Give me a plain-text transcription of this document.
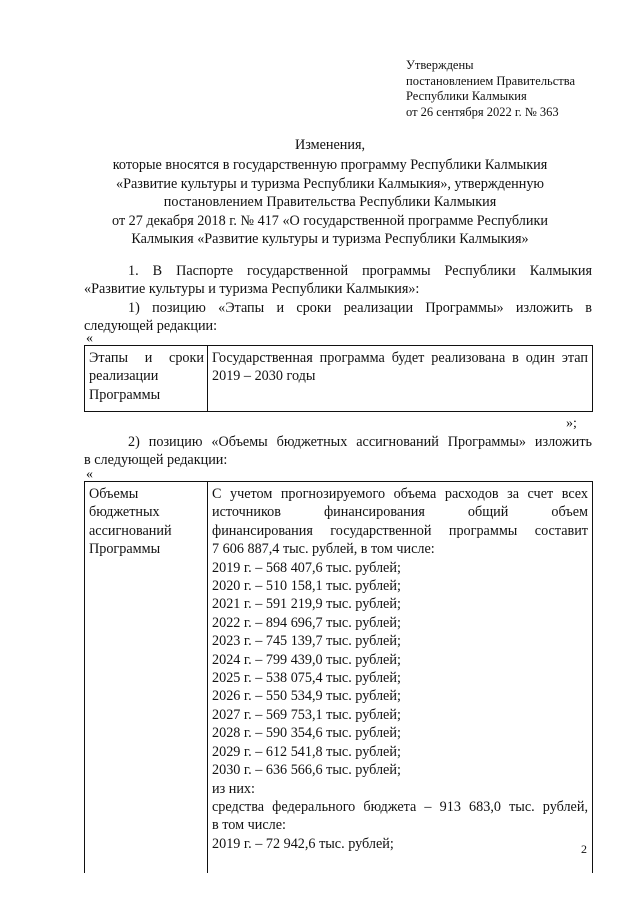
Утверждены
постановлением Правительства
Республики Калмыкия
от 26 сентября 2022 г. № 363
Изменения,
которые вносятся в государственную программу Республики Калмыкия
«Развитие культуры и туризма Республики Калмыкия», утвержденную
постановлением Правительства Республики Калмыкия
от 27 декабря 2018 г. № 417 «О государственной программе Республики
Калмыкия «Развитие культуры и туризма Республики Калмыкия»
1. В Паспорте государственной программы Республики Калмыкия
«Развитие культуры и туризма Республики Калмыкия»:
1) позицию «Этапы и сроки реализации Программы» изложить в
следующей редакции:
«
Этапы и сроки
реализации
Программы
Государственная программа будет реализована в один этап 2019 – 2030 годы
»;
2) позицию «Объемы бюджетных ассигнований Программы» изложить
в следующей редакции:
«
Объемы
бюджетных
ассигнований
Программы
С учетом прогнозируемого объема расходов за счет всех
источников финансирования общий объем
финансирования государственной программы составит
7 606 887,4 тыс. рублей, в том числе:
2019 г. – 568 407,6 тыс. рублей;
2020 г. – 510 158,1 тыс. рублей;
2021 г. – 591 219,9 тыс. рублей;
2022 г. – 894 696,7 тыс. рублей;
2023 г. – 745 139,7 тыс. рублей;
2024 г. – 799 439,0 тыс. рублей;
2025 г. – 538 075,4 тыс. рублей;
2026 г. – 550 534,9 тыс. рублей;
2027 г. – 569 753,1 тыс. рублей;
2028 г. – 590 354,6 тыс. рублей;
2029 г. – 612 541,8 тыс. рублей;
2030 г. – 636 566,6 тыс. рублей;
из них:
средства федерального бюджета – 913 683,0 тыс. рублей,
в том числе:
2019 г. – 72 942,6 тыс. рублей;	2
